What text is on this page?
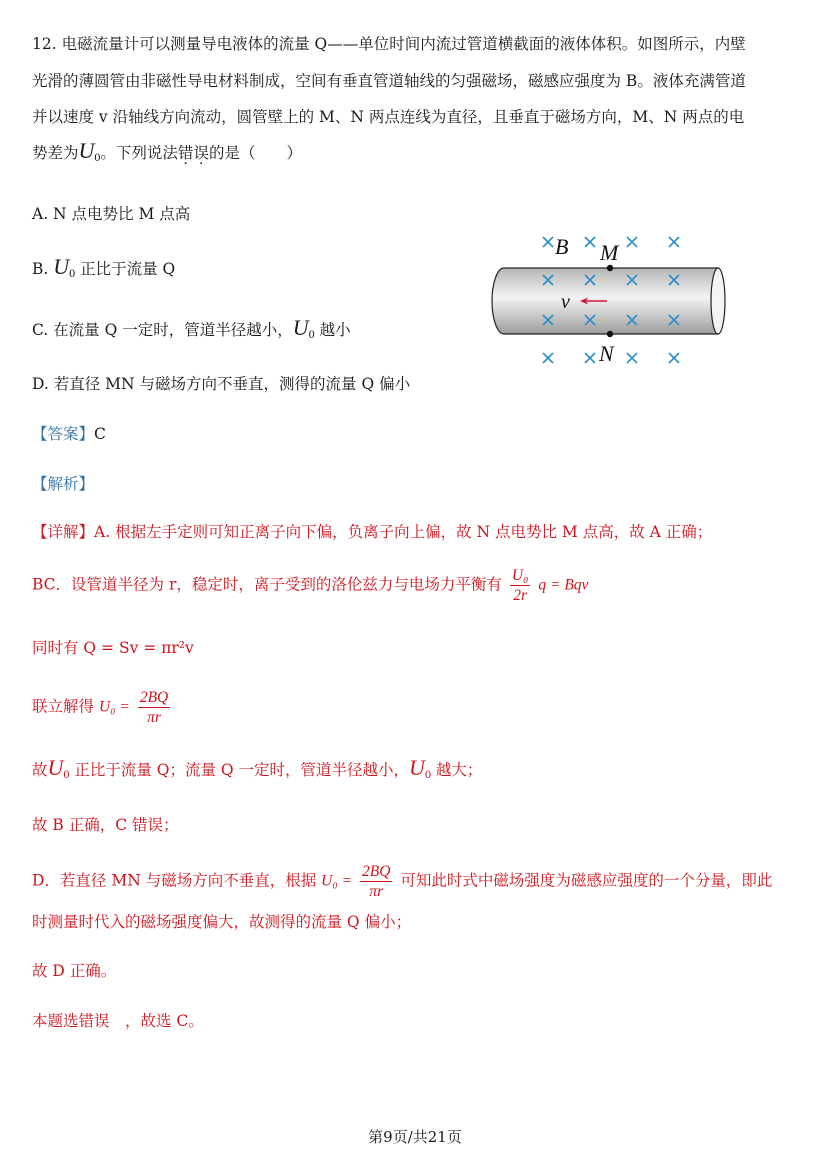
12. 电磁流量计可以测量导电液体的流量 Q——单位时间内流过管道横截面的液体体积。如图所示，内壁
光滑的薄圆管由非磁性导电材料制成，空间有垂直管道轴线的匀强磁场，磁感应强度为 B。液体充满管道
并以速度 v 沿轴线方向流动，圆管壁上的 M、N 两点连线为直径，且垂直于磁场方向，M、N 两点的电
势差为$U_0$。下列说法错误的是（　　）
A. N 点电势比 M 点高
B. $U_0$ 正比于流量 Q
C. 在流量 Q 一定时，管道半径越小，$U_0$ 越小
D. 若直径 MN 与磁场方向不垂直，测得的流量 Q 偏小
B M
N
v
【答案】C
【解析】
【详解】A. 根据左手定则可知正离子向下偏，负离子向上偏，故 N 点电势比 M 点高，故 A 正确；
BC．设管道半径为 r，稳定时，离子受到的洛伦兹力与电场力平衡有 $\frac{\text{U₀}}{2r}$ q = Bqv
同时有 Q = Sv = πr²v
联立解得 $U_0 = \frac{2BQ}{\pi r}$
故$U_0$ 正比于流量 Q；流量 Q 一定时，管道半径越小，$U_0$ 越大；
故 B 正确，C 错误；
D．若直径 MN 与磁场方向不垂直，根据 $U_0 = \frac{2BQ}{\pi r}$ 可知此时式中磁场强度为磁感应强度的一个分量，即此
时测量时代入的磁场强度偏大，故测得的流量 Q 偏小；
故 D 正确。
本题选错误　，故选 C。
第9页/共21页
